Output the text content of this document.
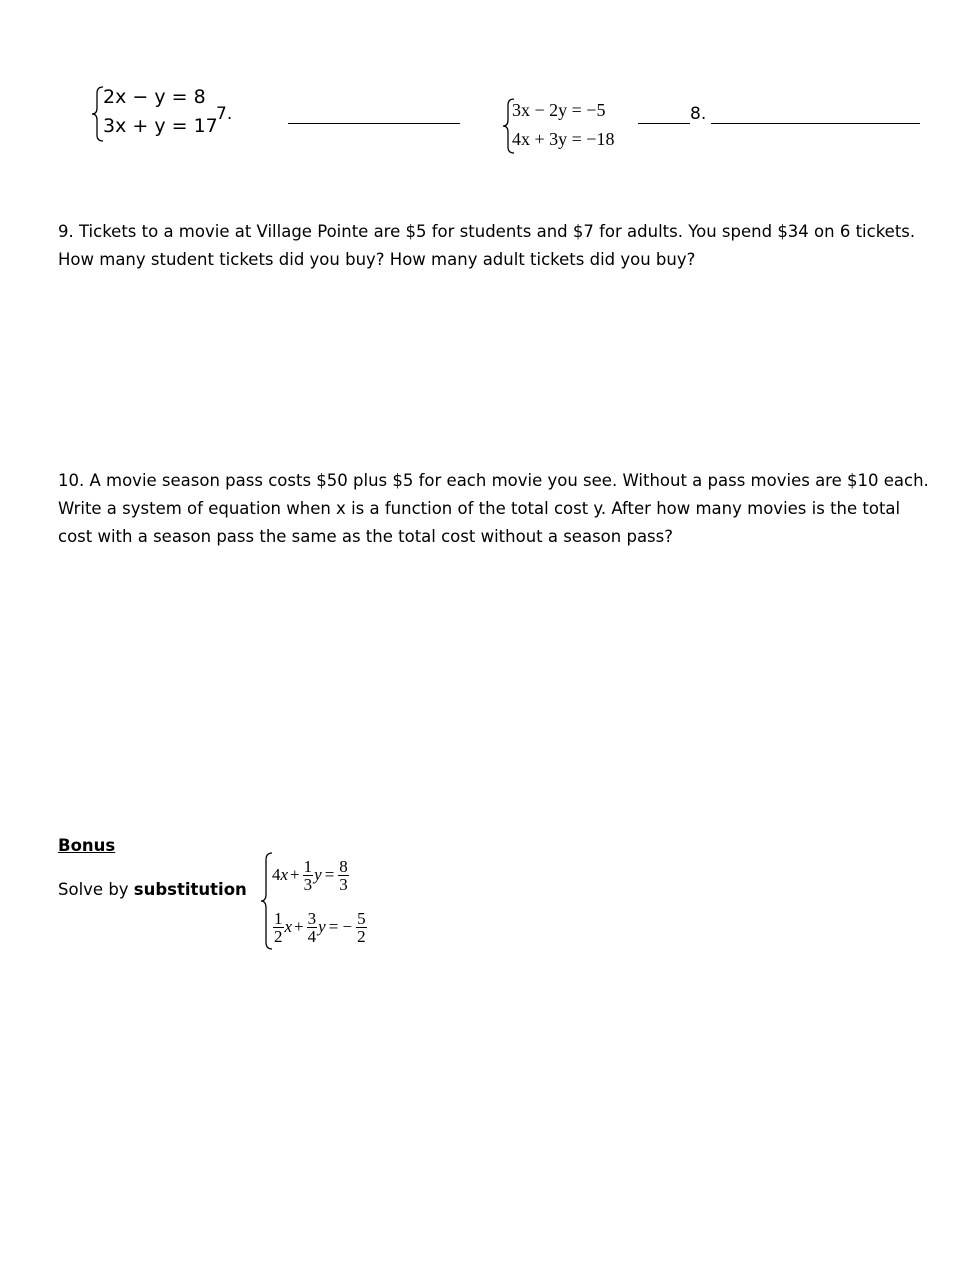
2x − y = 8
3x + y = 17
7.	3x − 2y = −5
4x + 3y = −18
8.
9. Tickets to a movie at Village Pointe are $5 for students and $7 for adults. You spend $34 on 6 tickets. How many student tickets did you buy? How many adult tickets did you buy?
10. A movie season pass costs $50 plus $5 for each movie you see. Without a pass movies are $10 each. Write a system of equation when x is a function of the total cost y. After how many movies is the total cost with a season pass the same as the total cost without a season pass?
Bonus
Solve by substitution
4 $x + \frac{1}{3}$ $y = \frac{8}{3}$
$\frac{1}{2}$ $x + \frac{3}{4}$ y = − $\frac{5}{2}$
